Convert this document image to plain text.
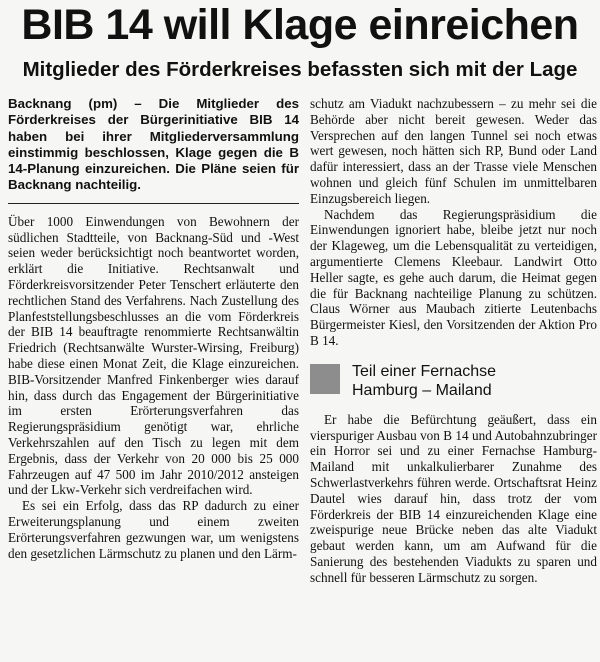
BIB 14 will Klage einreichen
Mitglieder des Förderkreises befassten sich mit der Lage

Backnang (pm) – Die Mitglieder des Förderkreises der Bürgerinitiative BIB 14 haben bei ihrer Mitgliederversammlung einstimmig beschlossen, Klage gegen die B 14-Planung einzureichen. Die Pläne seien für Backnang nachteilig.

Über 1000 Einwendungen von Bewohnern der südlichen Stadtteile, von Backnang-Süd und -West seien weder berücksichtigt noch beantwortet worden, erklärt die Initiative. Rechtsanwalt und Förderkreisvorsitzender Peter Tenschert erläuterte den rechtlichen Stand des Verfahrens. Nach Zustellung des Planfeststellungsbeschlusses an die vom Förderkreis der BIB 14 beauftragte renommierte Rechtsanwältin Friedrich (Rechtsanwälte Wurster-Wirsing, Freiburg) habe diese einen Monat Zeit, die Klage einzureichen. BIB-Vorsitzender Manfred Finkenberger wies darauf hin, dass durch das Engagement der Bürgerinitiative im ersten Erörterungsverfahren das Regierungspräsidium genötigt war, ehrliche Verkehrszahlen auf den Tisch zu legen mit dem Ergebnis, dass der Verkehr von 20 000 bis 25 000 Fahrzeugen auf 47 500 im Jahr 2010/2012 ansteigen und der Lkw-Verkehr sich verdreifachen wird.

Es sei ein Erfolg, dass das RP dadurch zu einer Erweiterungsplanung und einem zweiten Erörterungsverfahren gezwungen war, um wenigstens den gesetzlichen Lärmschutz zu planen und den Lärm-

schutz am Viadukt nachzubessern – zu mehr sei die Behörde aber nicht bereit gewesen. Weder das Versprechen auf den langen Tunnel sei noch etwas wert gewesen, noch hätten sich RP, Bund oder Land dafür interessiert, dass an der Trasse viele Menschen wohnen und gleich fünf Schulen im unmittelbaren Einzugsbereich liegen.

Nachdem das Regierungspräsidium die Einwendungen ignoriert habe, bleibe jetzt nur noch der Klageweg, um die Lebensqualität zu verteidigen, argumentierte Clemens Kleebaur. Landwirt Otto Heller sagte, es gehe auch darum, die Heimat gegen die für Backnang nachteilige Planung zu schützen. Claus Wörner aus Maubach zitierte Leutenbachs Bürgermeister Kiesl, den Vorsitzenden der Aktion Pro B 14.

Teil einer Fernachse
Hamburg – Mailand

Er habe die Befürchtung geäußert, dass ein vierspuriger Ausbau von B 14 und Autobahnzubringer ein Horror sei und zu einer Fernachse Hamburg-Mailand mit unkalkulierbarer Zunahme des Schwerlastverkehrs führen werde. Ortschaftsrat Heinz Dautel wies darauf hin, dass trotz der vom Förderkreis der BIB 14 einzureichenden Klage eine zweispurige neue Brücke neben das alte Viadukt gebaut werden kann, um am Aufwand für die Sanierung des bestehenden Viadukts zu sparen und schnell für besseren Lärmschutz zu sorgen.
